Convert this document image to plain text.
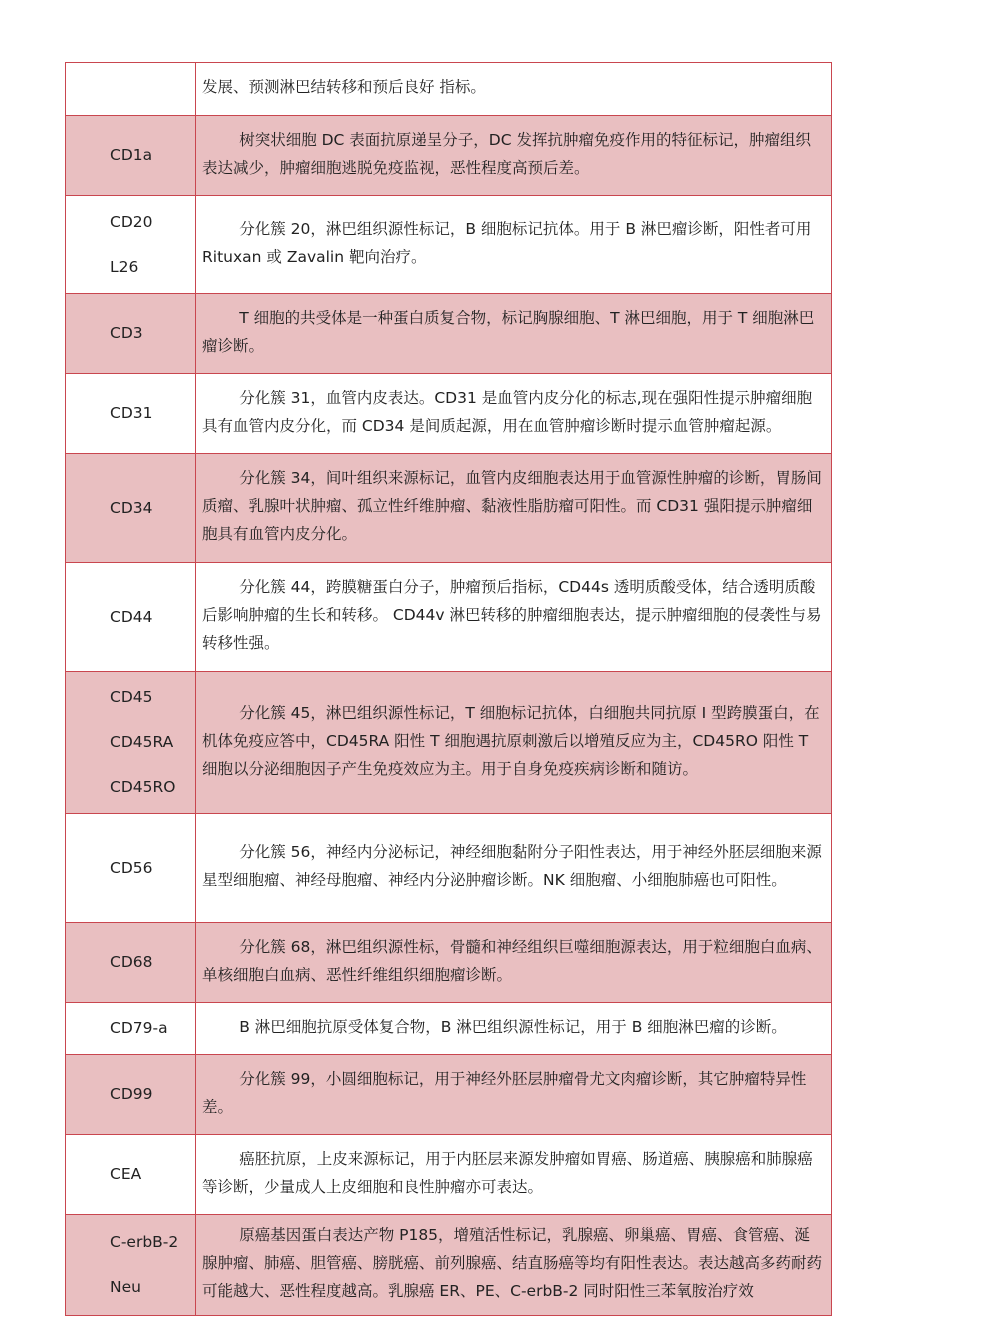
	发展、预测淋巴结转移和预后良好 指标。

CD1a	树突状细胞 DC 表面抗原递呈分子，DC 发挥抗肿瘤免疫作用的特征标记，肿瘤组织表达减少，肿瘤细胞逃脱免疫监视，恶性程度高预后差。

CD20
L26	分化簇 20，淋巴组织源性标记，B 细胞标记抗体。用于 B 淋巴瘤诊断，阳性者可用 Rituxan 或 Zavalin 靶向治疗。

CD3	T 细胞的共受体是一种蛋白质复合物，标记胸腺细胞、T 淋巴细胞，用于 T 细胞淋巴瘤诊断。

CD31	分化簇 31，血管内皮表达。CD31 是血管内皮分化的标志,现在强阳性提示肿瘤细胞具有血管内皮分化，而 CD34 是间质起源，用在血管肿瘤诊断时提示血管肿瘤起源。

CD34	分化簇 34，间叶组织来源标记，血管内皮细胞表达用于血管源性肿瘤的诊断，胃肠间质瘤、乳腺叶状肿瘤、孤立性纤维肿瘤、黏液性脂肪瘤可阳性。而 CD31 强阳提示肿瘤细胞具有血管内皮分化。

CD44	分化簇 44，跨膜糖蛋白分子，肿瘤预后指标，CD44s 透明质酸受体，结合透明质酸后影响肿瘤的生长和转移。 CD44v 淋巴转移的肿瘤细胞表达，提示肿瘤细胞的侵袭性与易转移性强。

CD45
CD45RA
CD45RO	分化簇 45，淋巴组织源性标记，T 细胞标记抗体，白细胞共同抗原 I 型跨膜蛋白，在机体免疫应答中，CD45RA 阳性 T 细胞遇抗原刺激后以增殖反应为主，CD45RO 阳性 T 细胞以分泌细胞因子产生免疫效应为主。用于自身免疫疾病诊断和随访。

CD56	分化簇 56，神经内分泌标记，神经细胞黏附分子阳性表达，用于神经外胚层细胞来源星型细胞瘤、神经母胞瘤、神经内分泌肿瘤诊断。NK 细胞瘤、小细胞肺癌也可阳性。

CD68	分化簇 68，淋巴组织源性标，骨髓和神经组织巨噬细胞源表达，用于粒细胞白血病、单核细胞白血病、恶性纤维组织细胞瘤诊断。

CD79-a	B 淋巴细胞抗原受体复合物，B 淋巴组织源性标记，用于 B 细胞淋巴瘤的诊断。

CD99	分化簇 99，小圆细胞标记，用于神经外胚层肿瘤骨尤文肉瘤诊断，其它肿瘤特异性差。

CEA	癌胚抗原，上皮来源标记，用于内胚层来源发肿瘤如胃癌、肠道癌、胰腺癌和肺腺癌等诊断，少量成人上皮细胞和良性肿瘤亦可表达。

C-erbB-2
Neu	原癌基因蛋白表达产物 P185，增殖活性标记，乳腺癌、卵巢癌、胃癌、食管癌、涎腺肿瘤、肺癌、胆管癌、膀胱癌、前列腺癌、结直肠癌等均有阳性表达。表达越高多药耐药可能越大、恶性程度越高。乳腺癌 ER、PE、C-erbB-2 同时阳性三苯氧胺治疗效
